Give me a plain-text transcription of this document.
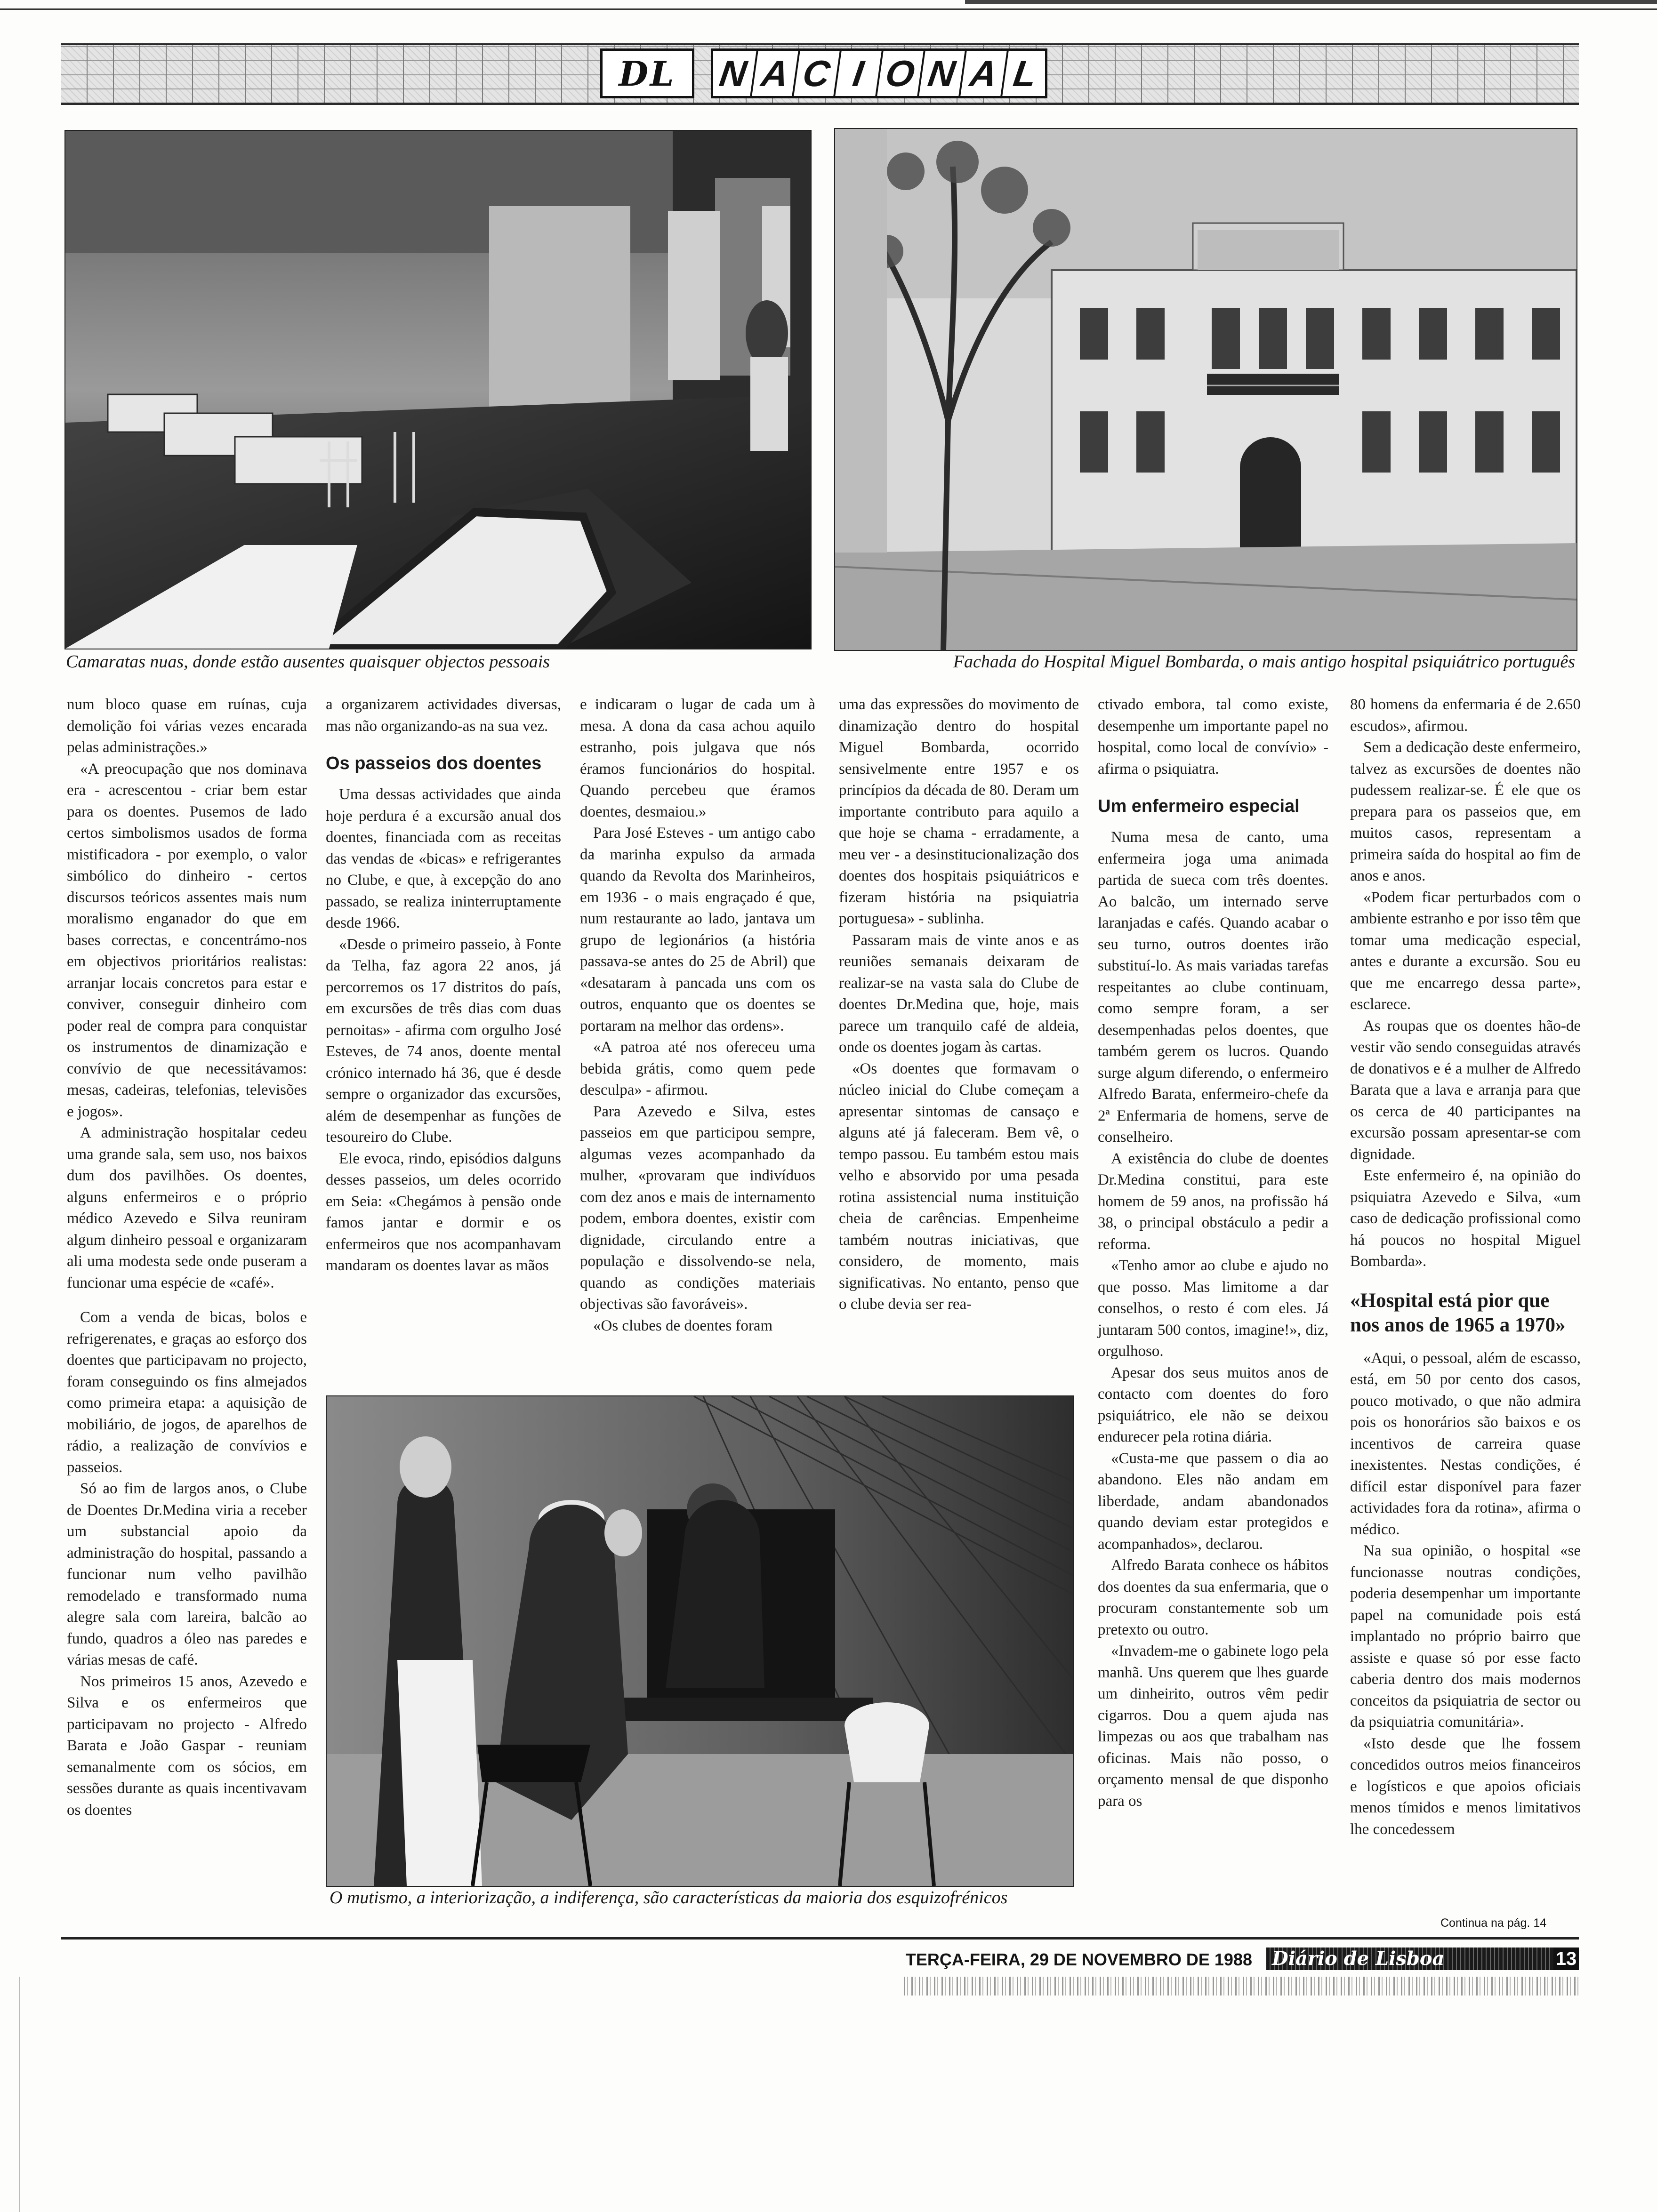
DL	N A C I O N A L
Camaratas nuas, donde estão ausentes quaisquer objectos pessoais	Fachada do Hospital Miguel Bombarda, o mais antigo hospital psiquiátrico português

num bloco quase em ruínas, cuja demolição foi várias vezes encarada pelas administrações.»

«A preocupação que nos dominava era - acrescentou - criar bem estar para os doentes. Pusemos de lado certos simbolismos usados de forma mistificadora - por exemplo, o valor simbólico do dinheiro - certos discursos teóricos assentes mais num moralismo enganador do que em bases correctas, e concentrámo-nos em objectivos prioritários realistas: arranjar locais concretos para estar e conviver, conseguir dinheiro com poder real de compra para conquistar os instrumentos de dinamização e convívio de que necessitávamos: mesas, cadeiras, telefonias, televisões e jogos».

A administração hospitalar cedeu uma grande sala, sem uso, nos baixos dum dos pavilhões. Os doentes, alguns enfermeiros e o próprio médico Azevedo e Silva reuniram algum dinheiro pessoal e organizaram ali uma modesta sede onde puseram a funcionar uma espécie de «café».

Com a venda de bicas, bolos e refrigerenates, e graças ao esforço dos doentes que participavam no projecto, foram conseguindo os fins almejados como primeira etapa: a aquisição de mobiliário, de jogos, de aparelhos de rádio, a realização de convívios e passeios.

Só ao fim de largos anos, o Clube de Doentes Dr.Medina viria a receber um substancial apoio da administração do hospital, passando a funcionar num velho pavilhão remodelado e transformado numa alegre sala com lareira, balcão ao fundo, quadros a óleo nas paredes e várias mesas de café.

Nos primeiros 15 anos, Azevedo e Silva e os enfermeiros que participavam no projecto - Alfredo Barata e João Gaspar - reuniam semanalmente com os sócios, em sessões durante as quais incentivavam os doentes

a organizarem actividades diversas, mas não organizando-as na sua vez.

Os passeios dos doentes

Uma dessas actividades que ainda hoje perdura é a excursão anual dos doentes, financiada com as receitas das vendas de «bicas» e refrigerantes no Clube, e que, à excepção do ano passado, se realiza ininterruptamente desde 1966.

«Desde o primeiro passeio, à Fonte da Telha, faz agora 22 anos, já percorremos os 17 distritos do país, em excursões de três dias com duas pernoitas» - afirma com orgulho José Esteves, de 74 anos, doente mental crónico internado há 36, que é desde sempre o organizador das excursões, além de desempenhar as funções de tesoureiro do Clube.

Ele evoca, rindo, episódios dalguns desses passeios, um deles ocorrido em Seia: «Chegámos à pensão onde famos jantar e dormir e os enfermeiros que nos acompanhavam mandaram os doentes lavar as mãos

e indicaram o lugar de cada um à mesa. A dona da casa achou aquilo estranho, pois julgava que nós éramos funcionários do hospital. Quando percebeu que éramos doentes, desmaiou.»

Para José Esteves - um antigo cabo da marinha expulso da armada quando da Revolta dos Marinheiros, em 1936 - o mais engraçado é que, num restaurante ao lado, jantava um grupo de legionários (a história passava-se antes do 25 de Abril) que «desataram à pancada uns com os outros, enquanto que os doentes se portaram na melhor das ordens».

«A patroa até nos ofereceu uma bebida grátis, como quem pede desculpa» - afirmou.

Para Azevedo e Silva, estes passeios em que participou sempre, algumas vezes acompanhado da mulher, «provaram que indivíduos com dez anos e mais de internamento podem, embora doentes, existir com dignidade, circulando entre a população e dissolvendo-se nela, quando as condições materiais objectivas são favoráveis».

«Os clubes de doentes foram

uma das expressões do movimento de dinamização dentro do hospital Miguel Bombarda, ocorrido sensivelmente entre 1957 e os princípios da década de 80. Deram um importante contributo para aquilo a que hoje se chama - erradamente, a meu ver - a desinstitucionalização dos doentes dos hospitais psiquiátricos e fizeram história na psiquiatria portuguesa» - sublinha.

Passaram mais de vinte anos e as reuniões semanais deixaram de realizar-se na vasta sala do Clube de doentes Dr.Medina que, hoje, mais parece um tranquilo café de aldeia, onde os doentes jogam às cartas.

«Os doentes que formavam o núcleo inicial do Clube começam a apresentar sintomas de cansaço e alguns até já faleceram. Bem vê, o tempo passou. Eu também estou mais velho e absorvido por uma pesada rotina assistencial numa instituição cheia de carências. Empenheime também noutras iniciativas, que considero, de momento, mais significativas. No entanto, penso que o clube devia ser rea-

O mutismo, a interiorização, a indiferença, são características da maioria dos esquizofrénicos

ctivado embora, tal como existe, desempenhe um importante papel no hospital, como local de convívio» - afirma o psiquiatra.

Um enfermeiro especial

Numa mesa de canto, uma enfermeira joga uma animada partida de sueca com três doentes. Ao balcão, um internado serve laranjadas e cafés. Quando acabar o seu turno, outros doentes irão substituí-lo. As mais variadas tarefas respeitantes ao clube continuam, como sempre foram, a ser desempenhadas pelos doentes, que também gerem os lucros. Quando surge algum diferendo, o enfermeiro Alfredo Barata, enfermeiro-chefe da 2ª Enfermaria de homens, serve de conselheiro.

A existência do clube de doentes Dr.Medina constitui, para este homem de 59 anos, na profissão há 38, o principal obstáculo a pedir a reforma.

«Tenho amor ao clube e ajudo no que posso. Mas limitome a dar conselhos, o resto é com eles. Já juntaram 500 contos, imagine!», diz, orgulhoso.

Apesar dos seus muitos anos de contacto com doentes do foro psiquiátrico, ele não se deixou endurecer pela rotina diária.

«Custa-me que passem o dia ao abandono. Eles não andam em liberdade, andam abandonados quando deviam estar protegidos e acompanhados», declarou.

Alfredo Barata conhece os hábitos dos doentes da sua enfermaria, que o procuram constantemente sob um pretexto ou outro.

«Invadem-me o gabinete logo pela manhã. Uns querem que lhes guarde um dinheirito, outros vêm pedir cigarros. Dou a quem ajuda nas limpezas ou aos que trabalham nas oficinas. Mais não posso, o orçamento mensal de que disponho para os

80 homens da enfermaria é de 2.650 escudos», afirmou.

Sem a dedicação deste enfermeiro, talvez as excursões de doentes não pudessem realizar-se. É ele que os prepara para os passeios que, em muitos casos, representam a primeira saída do hospital ao fim de anos e anos.

«Podem ficar perturbados com o ambiente estranho e por isso têm que tomar uma medicação especial, antes e durante a excursão. Sou eu que me encarrego dessa parte», esclarece.

As roupas que os doentes hão-de vestir vão sendo conseguidas através de donativos e é a mulher de Alfredo Barata que a lava e arranja para que os cerca de 40 participantes na excursão possam apresentar-se com dignidade.

Este enfermeiro é, na opinião do psiquiatra Azevedo e Silva, «um caso de dedicação profissional como há poucos no hospital Miguel Bombarda».

«Hospital está pior que nos anos de 1965 a 1970»

«Aqui, o pessoal, além de escasso, está, em 50 por cento dos casos, pouco motivado, o que não admira pois os honorários são baixos e os incentivos de carreira quase inexistentes. Nestas condições, é difícil estar disponível para fazer actividades fora da rotina», afirma o médico.

Na sua opinião, o hospital «se funcionasse noutras condições, poderia desempenhar um importante papel na comunidade pois está implantado no próprio bairro que assiste e quase só por esse facto caberia dentro dos mais modernos conceitos da psiquiatria de sector ou da psiquiatria comunitária».

«Isto desde que lhe fossem concedidos outros meios financeiros e logísticos e que apoios oficiais menos tímidos e menos limitativos lhe concedessem

Continua na pág. 14
TERÇA-FEIRA, 29 DE NOVEMBRO DE 1988	Diário de Lisboa	13
